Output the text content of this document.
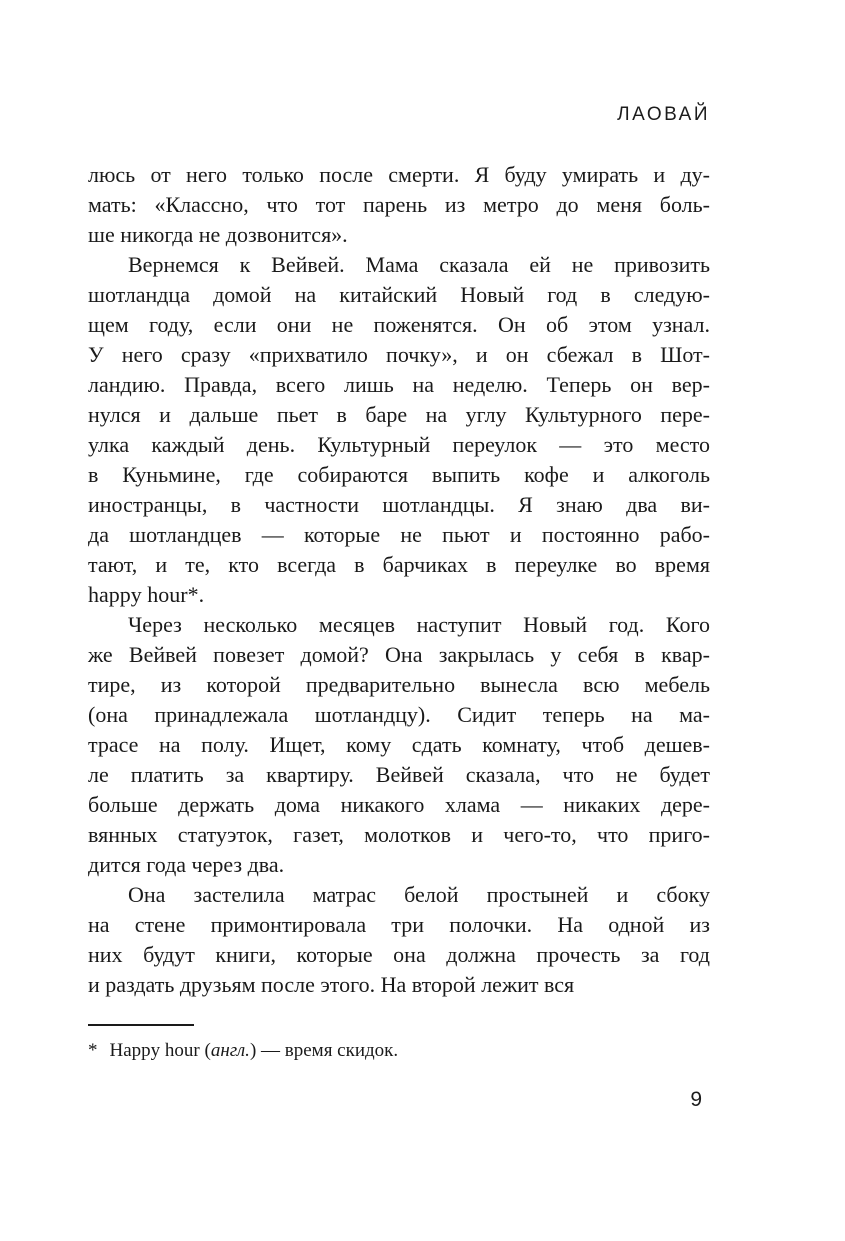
ЛАОВАЙ
люсь от него только после смерти. Я буду умирать и ду-
мать: «Классно, что тот парень из метро до меня боль-
ше никогда не дозвонится».
Вернемся к Вейвей. Мама сказала ей не привозить
шотландца домой на китайский Новый год в следую-
щем году, если они не поженятся. Он об этом узнал.
У него сразу «прихватило почку», и он сбежал в Шот-
ландию. Правда, всего лишь на неделю. Теперь он вер-
нулся и дальше пьет в баре на углу Культурного пере-
улка каждый день. Культурный переулок — это место
в Куньмине, где собираются выпить кофе и алкоголь
иностранцы, в частности шотландцы. Я знаю два ви-
да шотландцев — которые не пьют и постоянно рабо-
тают, и те, кто всегда в барчиках в переулке во время
happy hour*.
Через несколько месяцев наступит Новый год. Кого
же Вейвей повезет домой? Она закрылась у себя в квар-
тире, из которой предварительно вынесла всю мебель
(она принадлежала шотландцу). Сидит теперь на ма-
трасе на полу. Ищет, кому сдать комнату, чтоб дешев-
ле платить за квартиру. Вейвей сказала, что не будет
больше держать дома никакого хлама — никаких дере-
вянных статуэток, газет, молотков и чего-то, что приго-
дится года через два.
Она застелила матрас белой простыней и сбоку
на стене примонтировала три полочки. На одной из
них будут книги, которые она должна прочесть за год
и раздать друзьям после этого. На второй лежит вся
* Happy hour (англ.) — время скидок.
9
